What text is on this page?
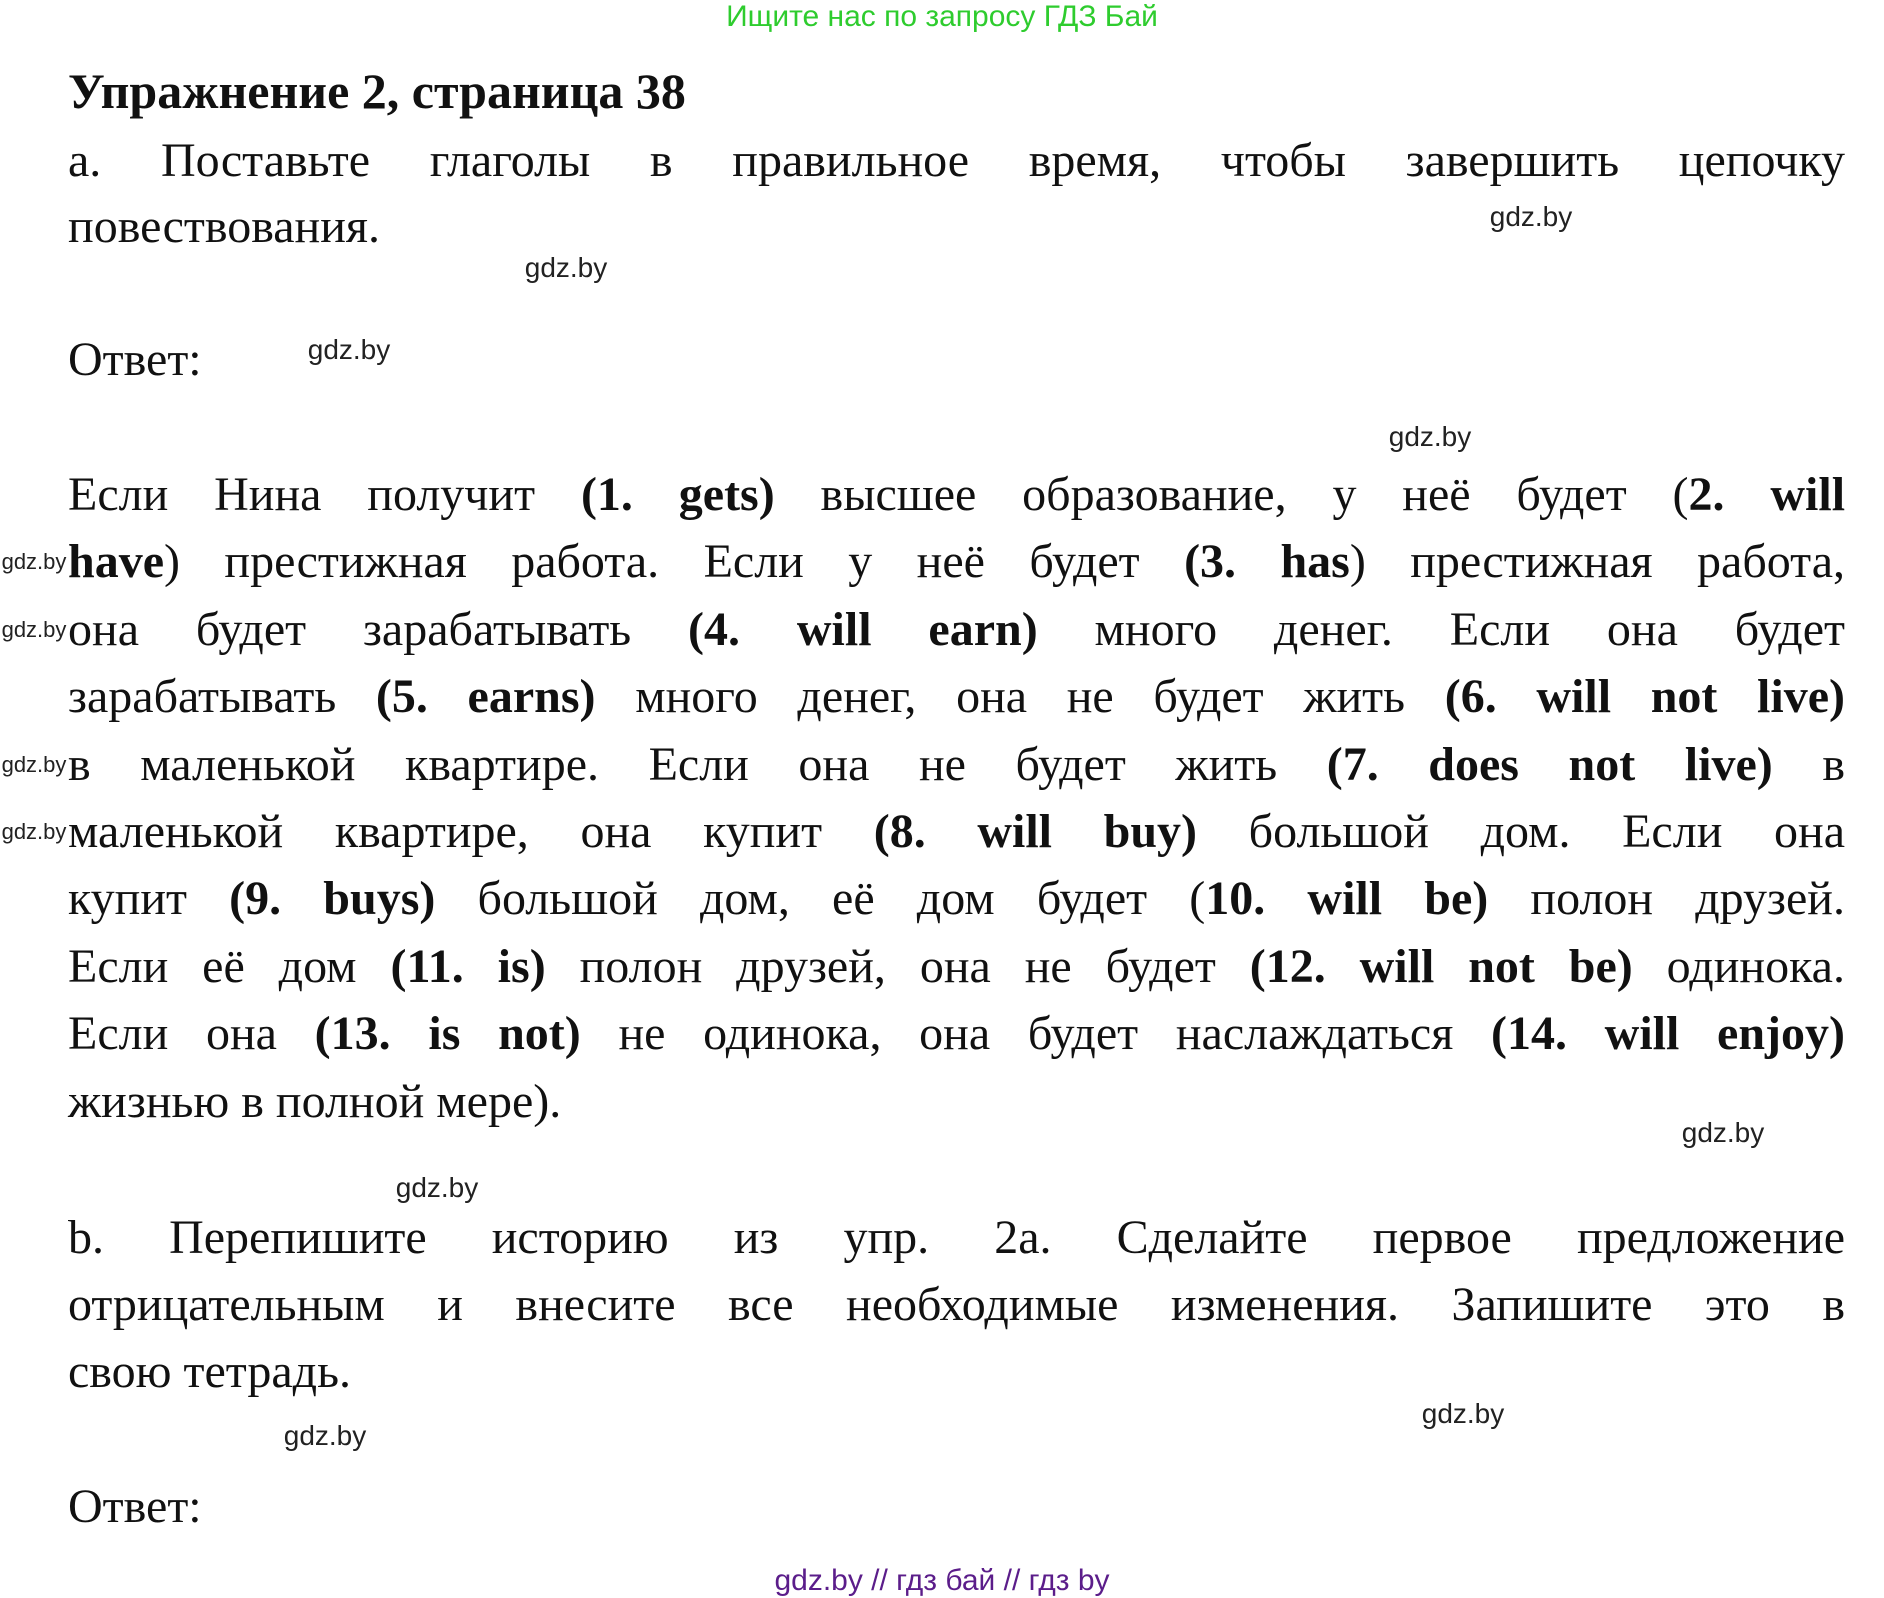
Ищите нас по запросу ГДЗ Бай
Упражнение 2, страница 38
а. Поставьте глаголы в правильное время, чтобы завершить цепочку
повествования.
Ответ:
Если Нина получит (1. gets) высшее образование, у неё будет (2. will
have) престижная работа. Если у неё будет (3. has) престижная работа,
она будет зарабатывать (4. will earn) много денег. Если она будет
зарабатывать (5. earns) много денег, она не будет жить (6. will not live)
в маленькой квартире. Если она не будет жить (7. does not live) в
маленькой квартире, она купит (8. will buy) большой дом. Если она
купит (9. buys) большой дом, её дом будет (10. will be) полон друзей.
Если её дом (11. is) полон друзей, она не будет (12. will not be) одинока.
Если она (13. is not) не одинока, она будет наслаждаться (14. will enjoy)
жизнью в полной мере).
b. Перепишите историю из упр. 2а. Сделайте первое предложение
отрицательным и внесите все необходимые изменения. Запишите это в
свою тетрадь.
Ответ:
gdz.by
gdz.by
gdz.by
gdz.by
gdz.by
gdz.by
gdz.by
gdz.by
gdz.by
gdz.by
gdz.by
gdz.by
gdz.by // гдз бай // гдз by
